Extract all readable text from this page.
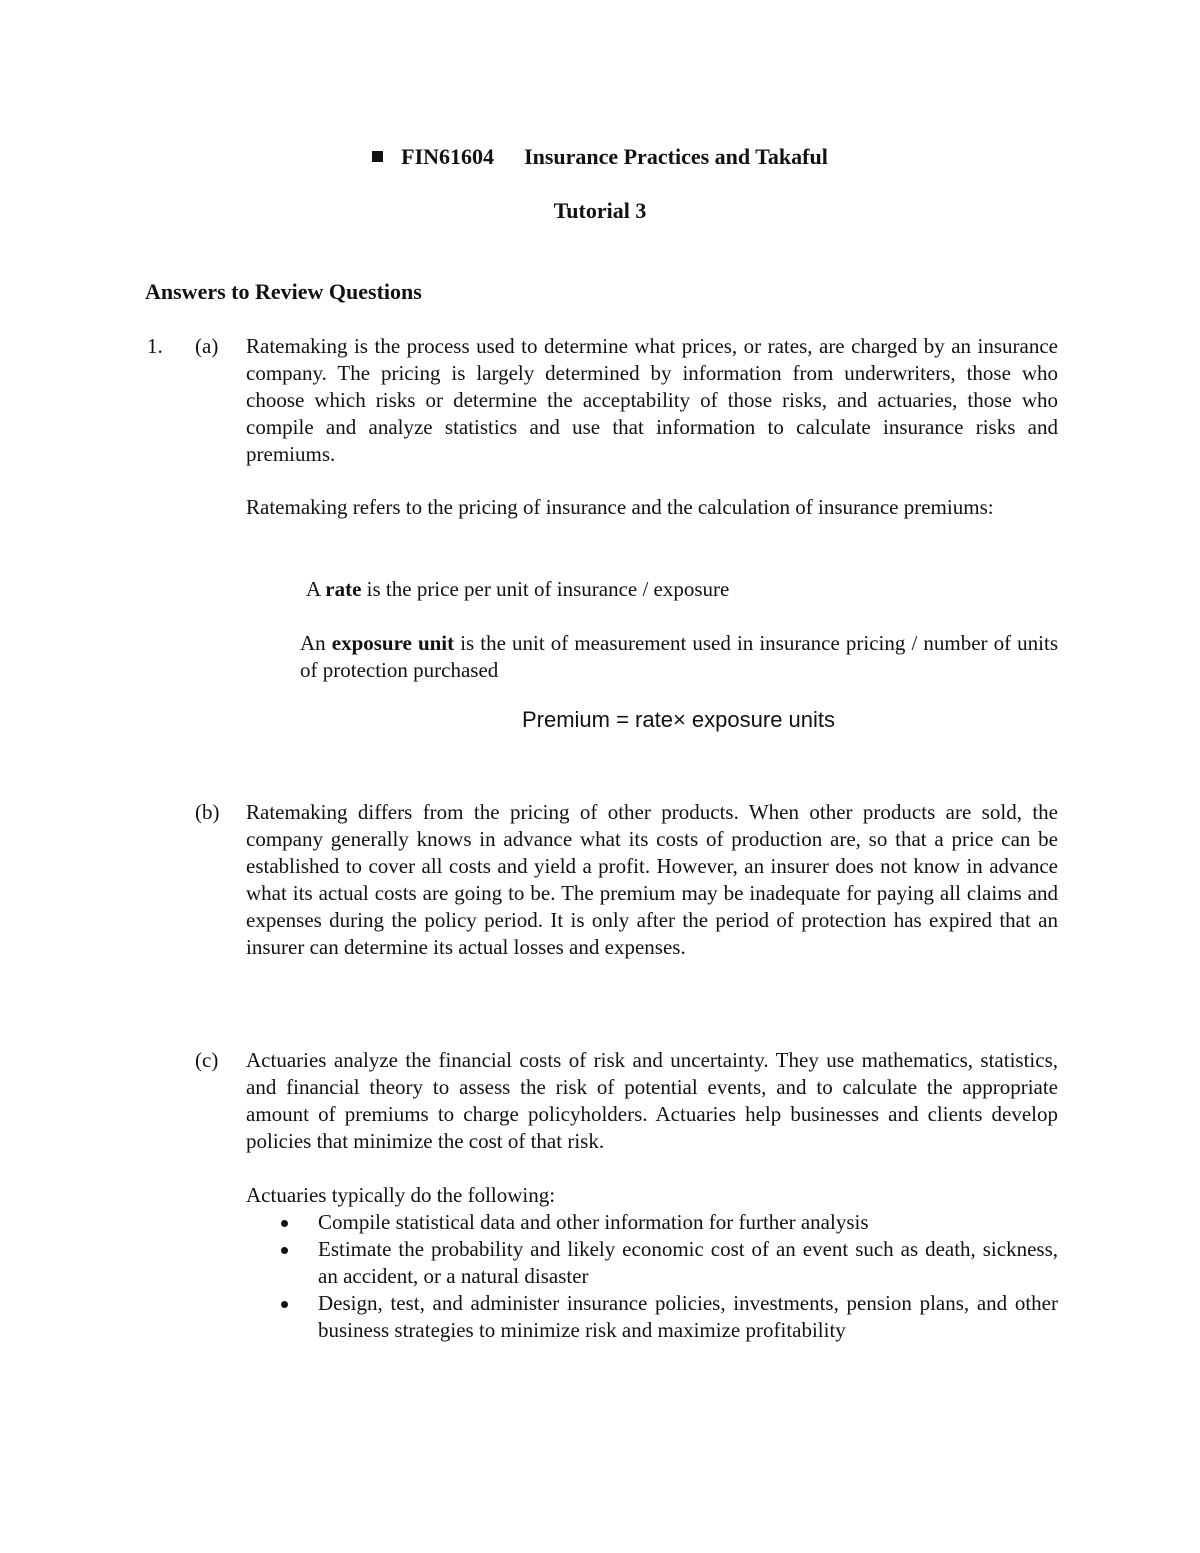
FIN61604 Insurance Practices and Takaful
Tutorial 3
Answers to Review Questions
1. (a) Ratemaking is the process used to determine what prices, or rates, are charged by an insurance company. The pricing is largely determined by information from underwriters, those who choose which risks or determine the acceptability of those risks, and actuaries, those who compile and analyze statistics and use that information to calculate insurance risks and premiums.
Ratemaking refers to the pricing of insurance and the calculation of insurance premiums:
A rate is the price per unit of insurance / exposure
An exposure unit is the unit of measurement used in insurance pricing / number of units of protection purchased
Premium = rate× exposure units
(b) Ratemaking differs from the pricing of other products. When other products are sold, the company generally knows in advance what its costs of production are, so that a price can be established to cover all costs and yield a profit. However, an insurer does not know in advance what its actual costs are going to be. The premium may be inadequate for paying all claims and expenses during the policy period. It is only after the period of protection has expired that an insurer can determine its actual losses and expenses.
(c) Actuaries analyze the financial costs of risk and uncertainty. They use mathematics, statistics, and financial theory to assess the risk of potential events, and to calculate the appropriate amount of premiums to charge policyholders. Actuaries help businesses and clients develop policies that minimize the cost of that risk.
Actuaries typically do the following:
Compile statistical data and other information for further analysis
Estimate the probability and likely economic cost of an event such as death, sickness, an accident, or a natural disaster
Design, test, and administer insurance policies, investments, pension plans, and other business strategies to minimize risk and maximize profitability
